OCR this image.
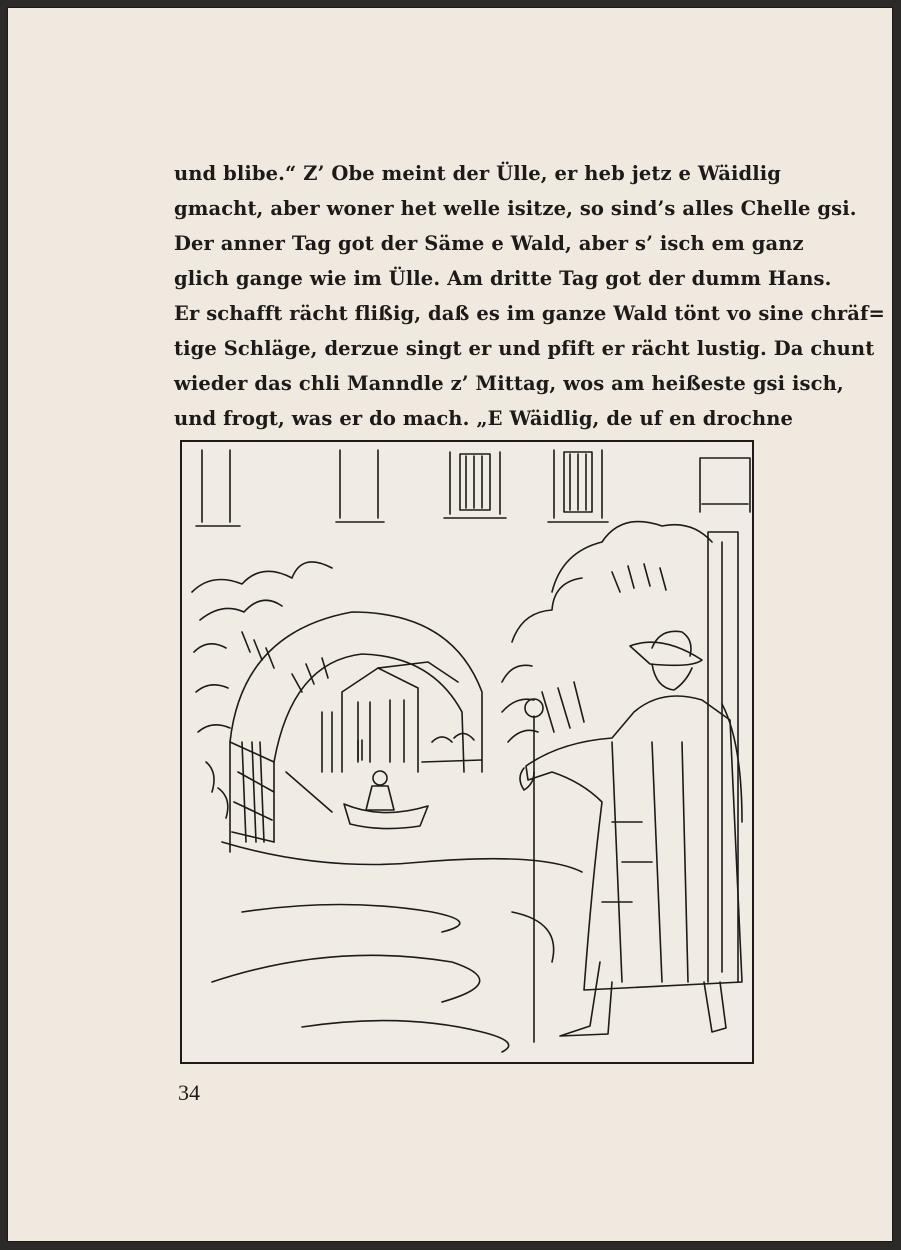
und blibe.“ Z’ Obe meint der Ülle, er heb jetz e Wäidlig
gmacht, aber woner het welle isitze, so sind’s alles Chelle gsi.
Der anner Tag got der Säme e Wald, aber s’ isch em ganz
glich gange wie im Ülle. Am dritte Tag got der dumm Hans.
Er schafft rächt flißig, daß es im ganze Wald tönt vo sine chräf=
tige Schläge, derzue singt er und pfift er rächt lustig. Da chunt
wieder das chli Manndle z’ Mittag, wos am heißeste gsi isch,
und frogt, was er do mach. „E Wäidlig, de uf en drochne
34
